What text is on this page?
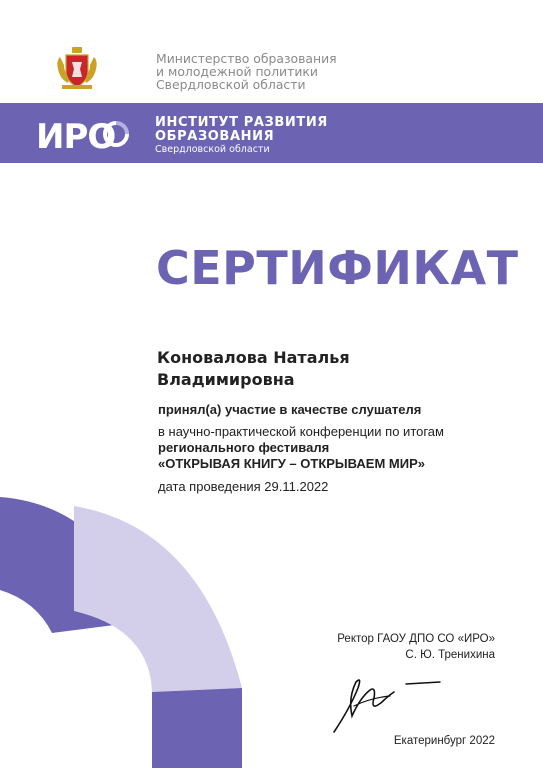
Министерство образования
и молодежной политики
Свердловской области
ИРО	ИНСТИТУТ РАЗВИТИЯ
ОБРАЗОВАНИЯ
Свердловской области
СЕРТИФИКАТ
Коновалова Наталья
Владимировна
принял(а) участие в качестве слушателя
в научно-практической конференции по итогам
регионального фестиваля
«ОТКРЫВАЯ КНИГУ – ОТКРЫВАЕМ МИР»
дата проведения 29.11.2022
Ректор ГАОУ ДПО СО «ИРО»
С. Ю. Тренихина
Екатеринбург 2022
